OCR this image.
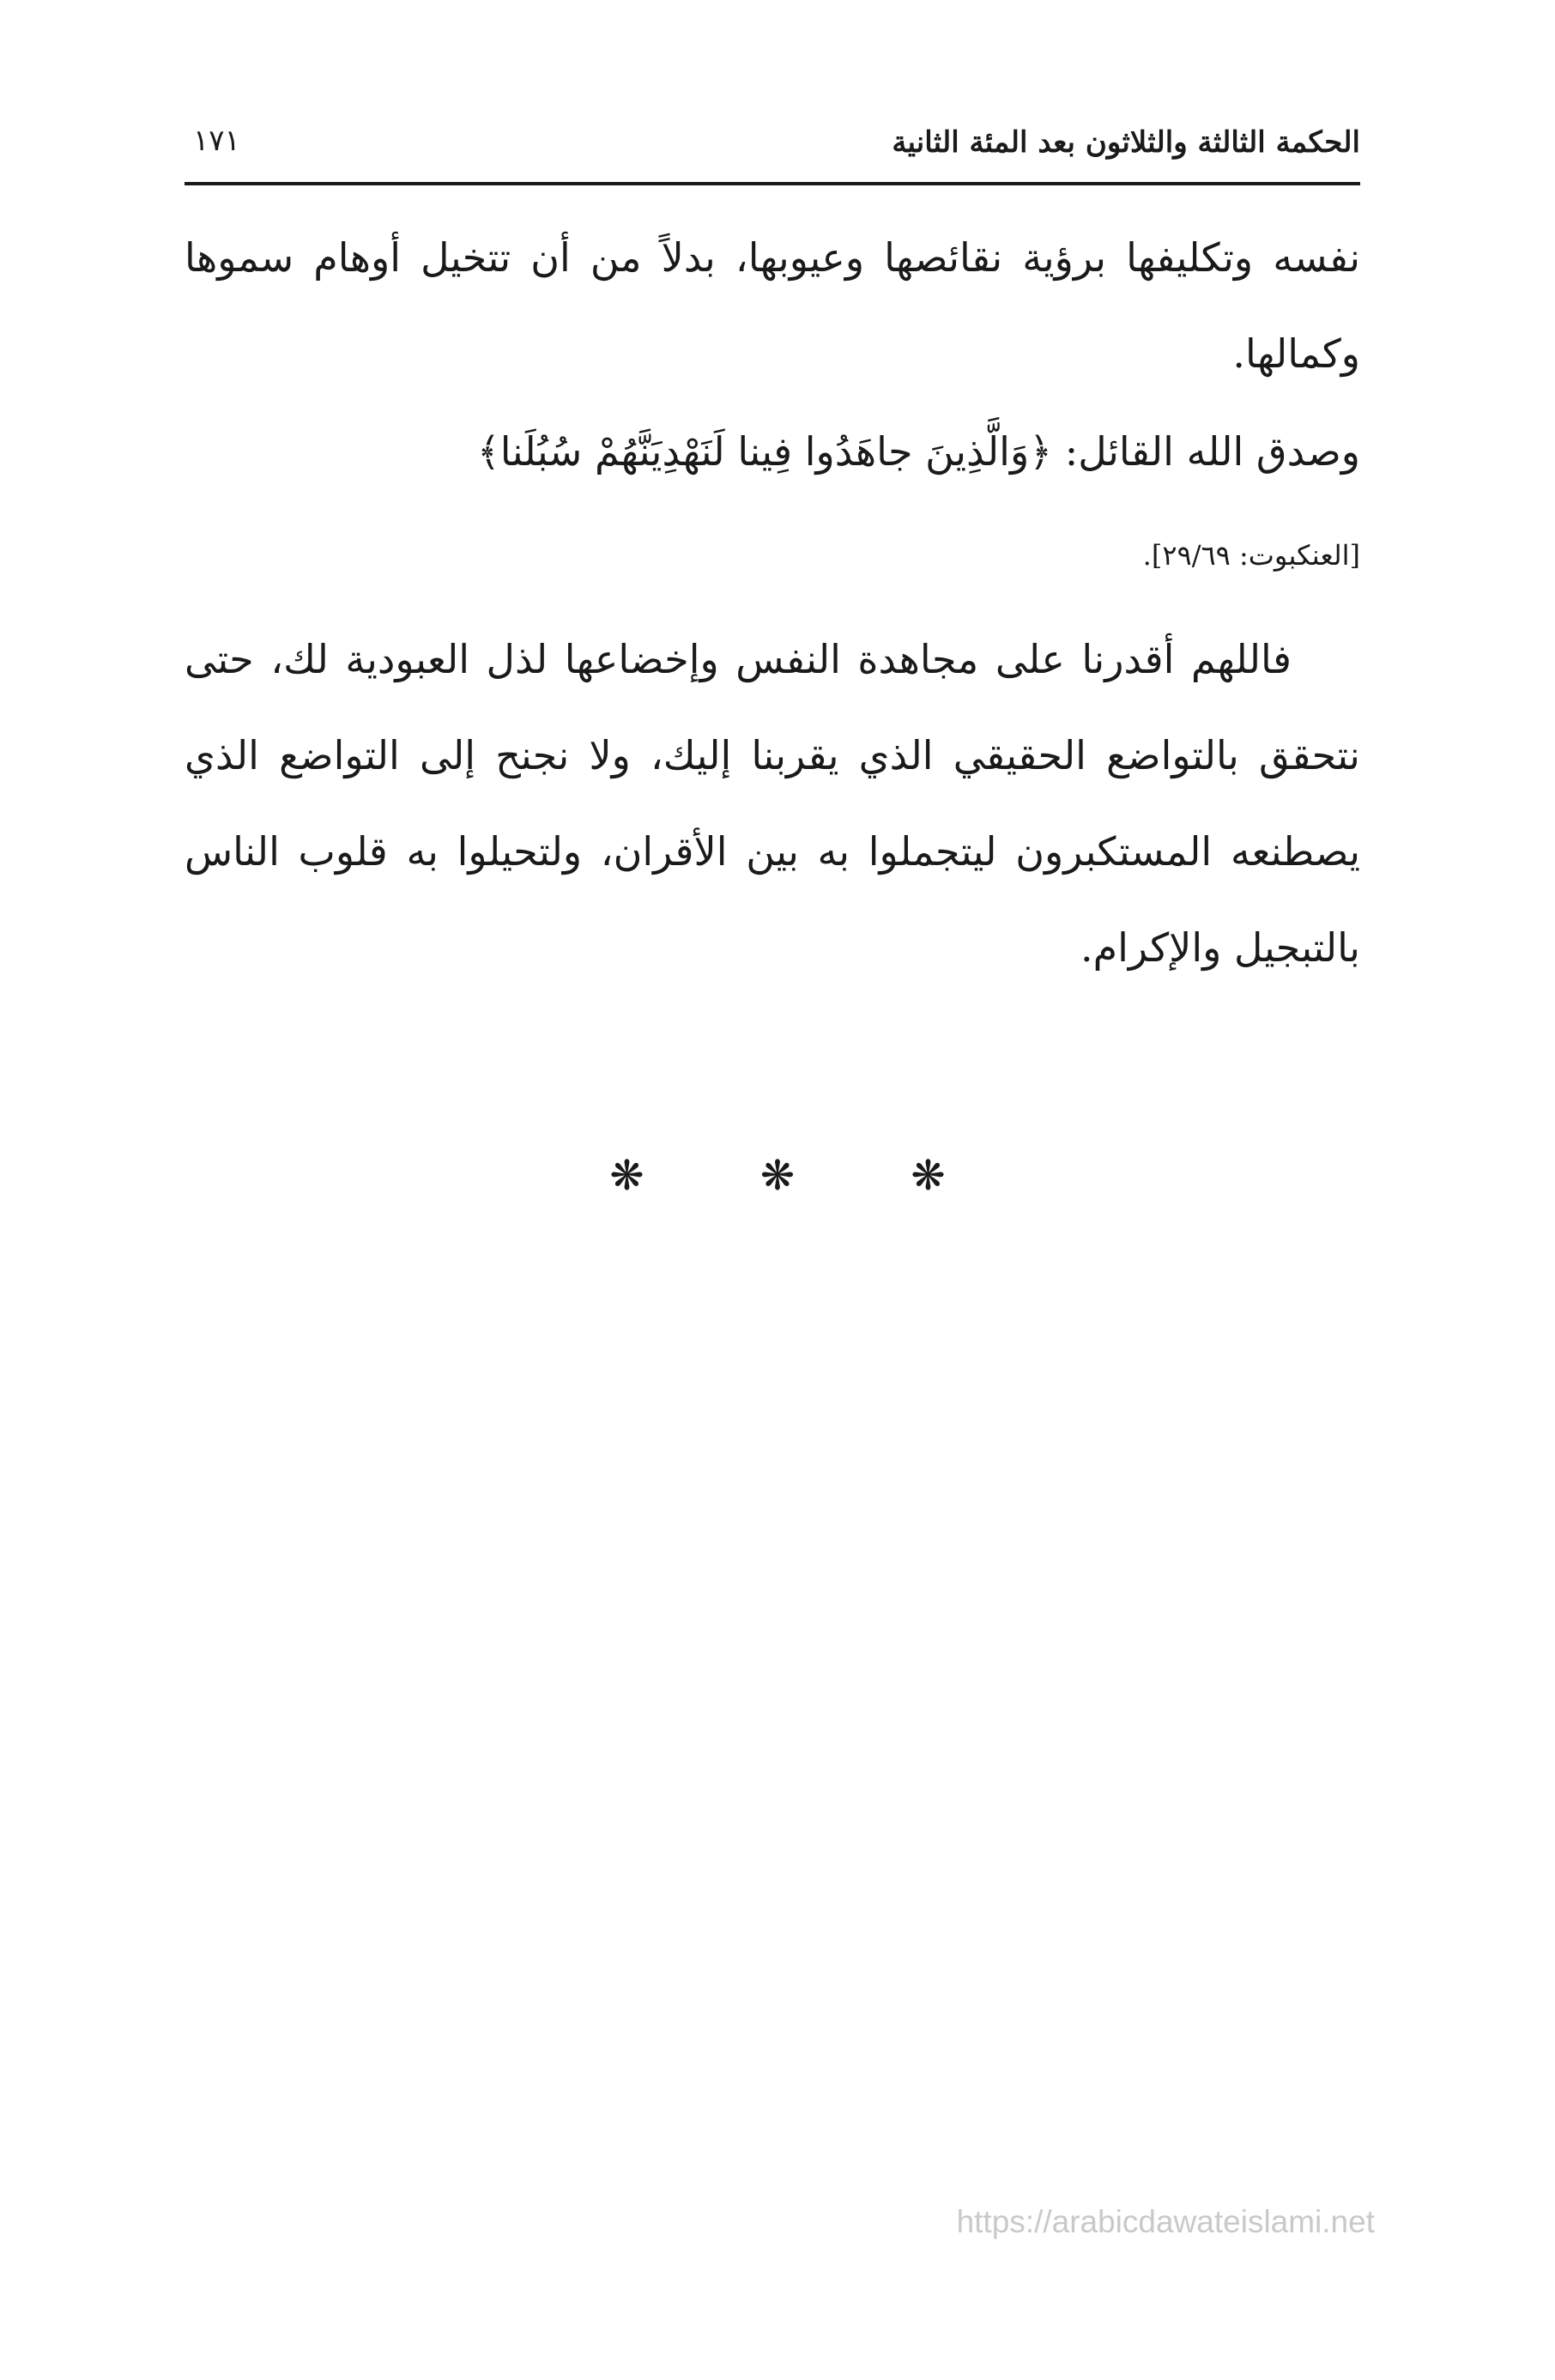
الحكمة الثالثة والثلاثون بعد المئة الثانية
١٧١
نفسه وتكليفها برؤية نقائصها وعيوبها، بدلاً من أن تتخيل أوهام سموها وكمالها.
وصدق الله القائل: ﴿وَالَّذِينَ جاهَدُوا فِينا لَنَهْدِيَنَّهُمْ سُبُلَنا﴾
[العنكبوت: ٢٩/٦٩].
فاللهم أقدرنا على مجاهدة النفس وإخضاعها لذل العبودية لك، حتى نتحقق بالتواضع الحقيقي الذي يقربنا إليك، ولا نجنح إلى التواضع الذي يصطنعه المستكبرون ليتجملوا به بين الأقران، ولتحيلوا به قلوب الناس بالتبجيل والإكرام.
❋ ❋ ❋
https://arabicdawateislami.net
